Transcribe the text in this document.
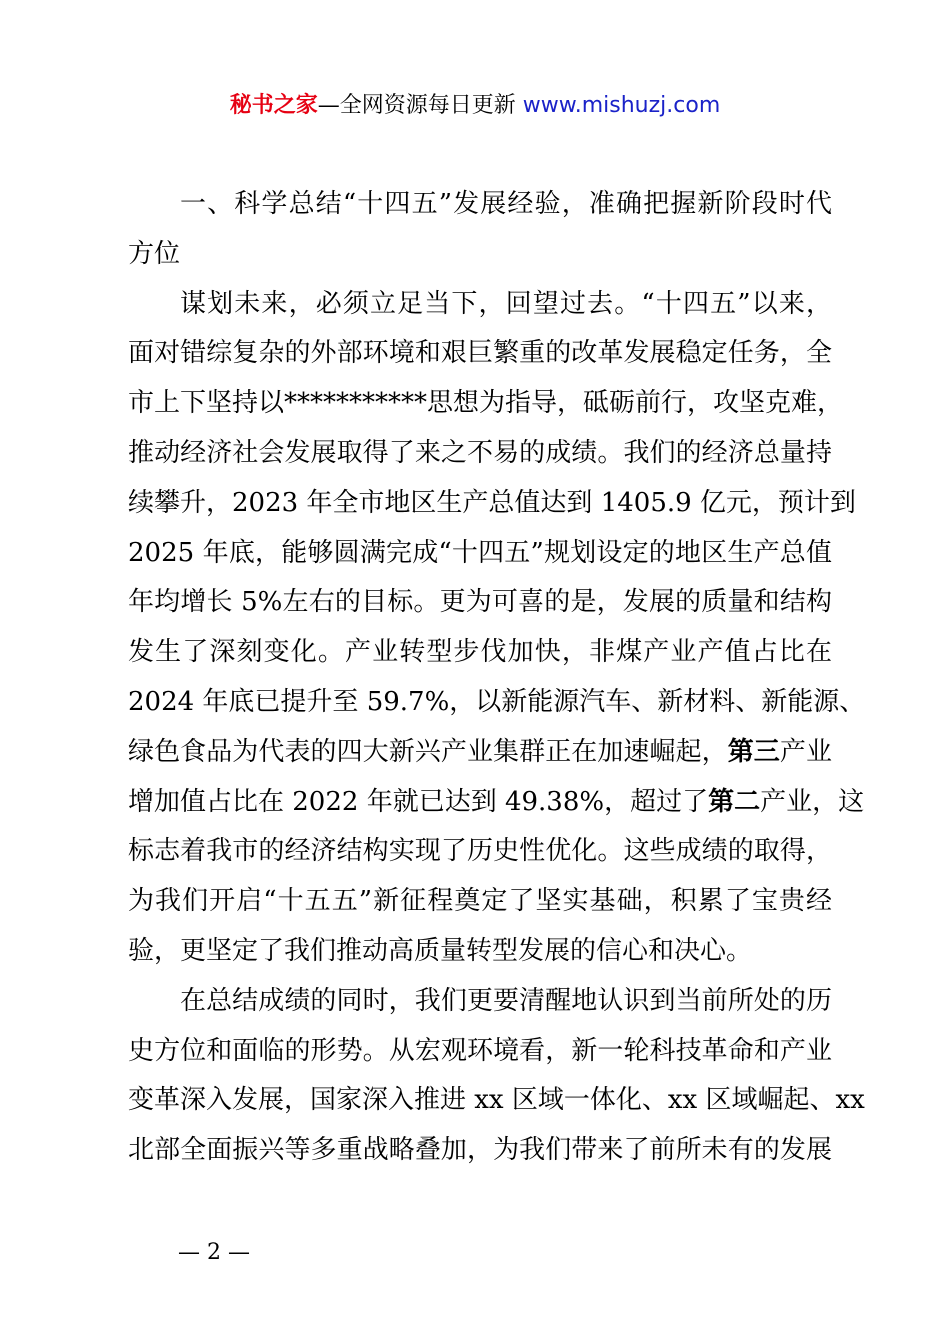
秘书之家—全网资源每日更新 www.mishuzj.com
一、科学总结“十四五”发展经验，准确把握新阶段时代
方位
谋划未来，必须立足当下，回望过去。“十四五”以来，
面对错综复杂的外部环境和艰巨繁重的改革发展稳定任务，全
市上下坚持以***********思想为指导，砥砺前行，攻坚克难，
推动经济社会发展取得了来之不易的成绩。我们的经济总量持
续攀升，2023 年全市地区生产总值达到 1405.9 亿元，预计到
2025 年底，能够圆满完成“十四五”规划设定的地区生产总值
年均增长 5%左右的目标。更为可喜的是，发展的质量和结构
发生了深刻变化。产业转型步伐加快，非煤产业产值占比在
2024 年底已提升至 59.7%，以新能源汽车、新材料、新能源、
绿色食品为代表的四大新兴产业集群正在加速崛起，第三产业
增加值占比在 2022 年就已达到 49.38%，超过了第二产业，这
标志着我市的经济结构实现了历史性优化。这些成绩的取得，
为我们开启“十五五”新征程奠定了坚实基础，积累了宝贵经
验，更坚定了我们推动高质量转型发展的信心和决心。
在总结成绩的同时，我们更要清醒地认识到当前所处的历
史方位和面临的形势。从宏观环境看，新一轮科技革命和产业
变革深入发展，国家深入推进 xx 区域一体化、xx 区域崛起、xx
北部全面振兴等多重战略叠加，为我们带来了前所未有的发展
— 2 —
